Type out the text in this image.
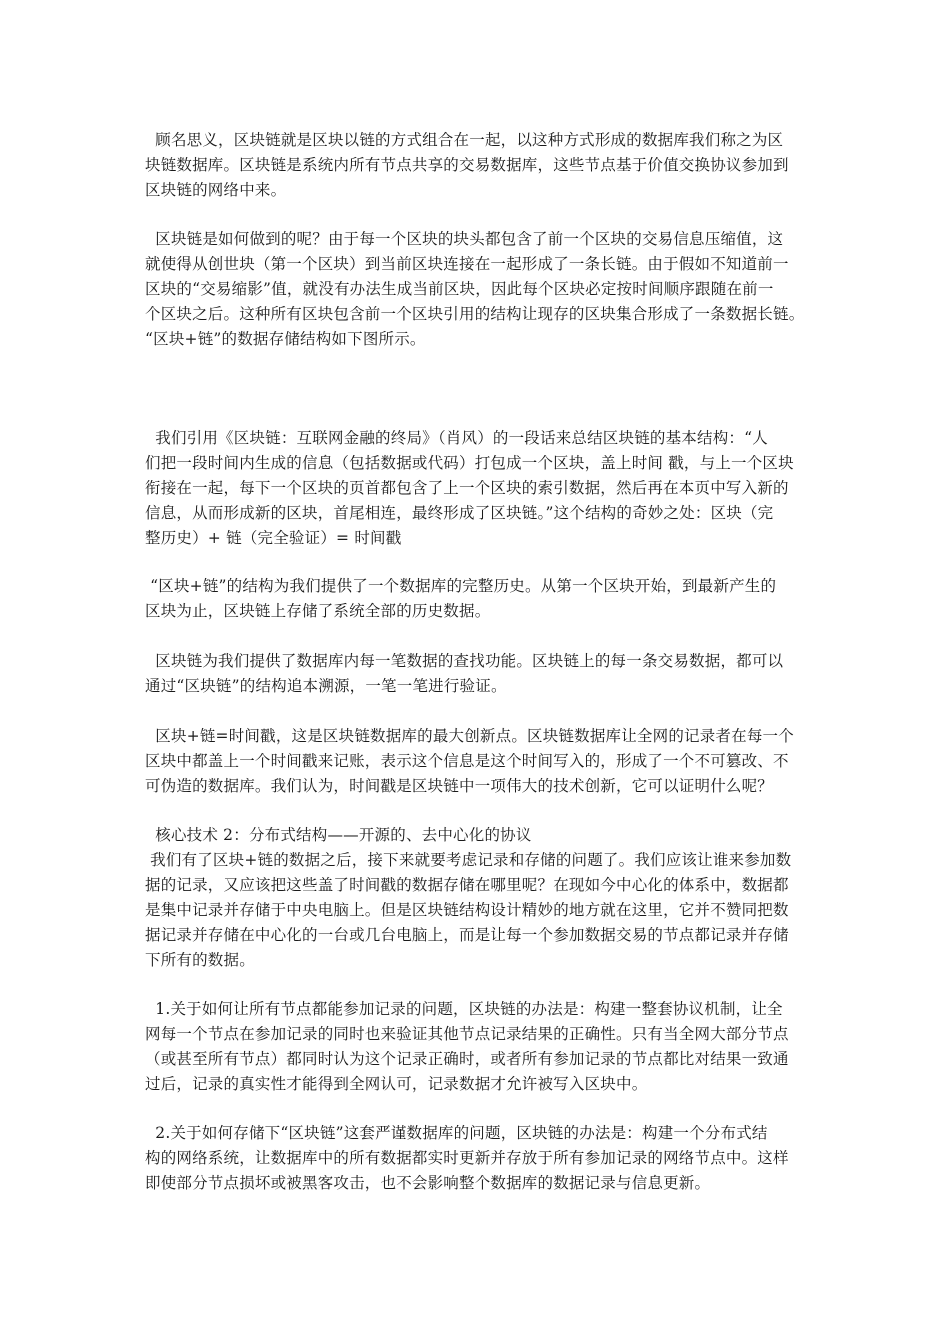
顾名思义，区块链就是区块以链的方式组合在一起，以这种方式形成的数据库我们称之为区
块链数据库。区块链是系统内所有节点共享的交易数据库，这些节点基于价值交换协议参加到
区块链的网络中来。

区块链是如何做到的呢？由于每一个区块的块头都包含了前一个区块的交易信息压缩值，这
就使得从创世块（第一个区块）到当前区块连接在一起形成了一条长链。由于假如不知道前一
区块的“交易缩影”值，就没有办法生成当前区块，因此每个区块必定按时间顺序跟随在前一
个区块之后。这种所有区块包含前一个区块引用的结构让现存的区块集合形成了一条数据长链。
“区块+链”的数据存储结构如下图所示。

我们引用《区块链：互联网金融的终局》（肖风）的一段话来总结区块链的基本结构：“人
们把一段时间内生成的信息（包括数据或代码）打包成一个区块，盖上时间 戳，与上一个区块
衔接在一起，每下一个区块的页首都包含了上一个区块的索引数据，然后再在本页中写入新的
信息，从而形成新的区块，首尾相连，最终形成了区块链。”这个结构的奇妙之处：区块（完
整历史）+ 链（完全验证）= 时间戳

“区块+链”的结构为我们提供了一个数据库的完整历史。从第一个区块开始，到最新产生的
区块为止，区块链上存储了系统全部的历史数据。

区块链为我们提供了数据库内每一笔数据的查找功能。区块链上的每一条交易数据，都可以
通过“区块链”的结构追本溯源，一笔一笔进行验证。

区块+链=时间戳，这是区块链数据库的最大创新点。区块链数据库让全网的记录者在每一个
区块中都盖上一个时间戳来记账，表示这个信息是这个时间写入的，形成了一个不可篡改、不
可伪造的数据库。我们认为，时间戳是区块链中一项伟大的技术创新，它可以证明什么呢？

核心技术 2：分布式结构——开源的、去中心化的协议
我们有了区块+链的数据之后，接下来就要考虑记录和存储的问题了。我们应该让谁来参加数
据的记录，又应该把这些盖了时间戳的数据存储在哪里呢？在现如今中心化的体系中，数据都
是集中记录并存储于中央电脑上。但是区块链结构设计精妙的地方就在这里，它并不赞同把数
据记录并存储在中心化的一台或几台电脑上，而是让每一个参加数据交易的节点都记录并存储
下所有的数据。

1.关于如何让所有节点都能参加记录的问题，区块链的办法是：构建一整套协议机制，让全
网每一个节点在参加记录的同时也来验证其他节点记录结果的正确性。只有当全网大部分节点
（或甚至所有节点）都同时认为这个记录正确时，或者所有参加记录的节点都比对结果一致通
过后，记录的真实性才能得到全网认可，记录数据才允许被写入区块中。

2.关于如何存储下“区块链”这套严谨数据库的问题，区块链的办法是：构建一个分布式结
构的网络系统，让数据库中的所有数据都实时更新并存放于所有参加记录的网络节点中。这样
即使部分节点损坏或被黑客攻击，也不会影响整个数据库的数据记录与信息更新。
